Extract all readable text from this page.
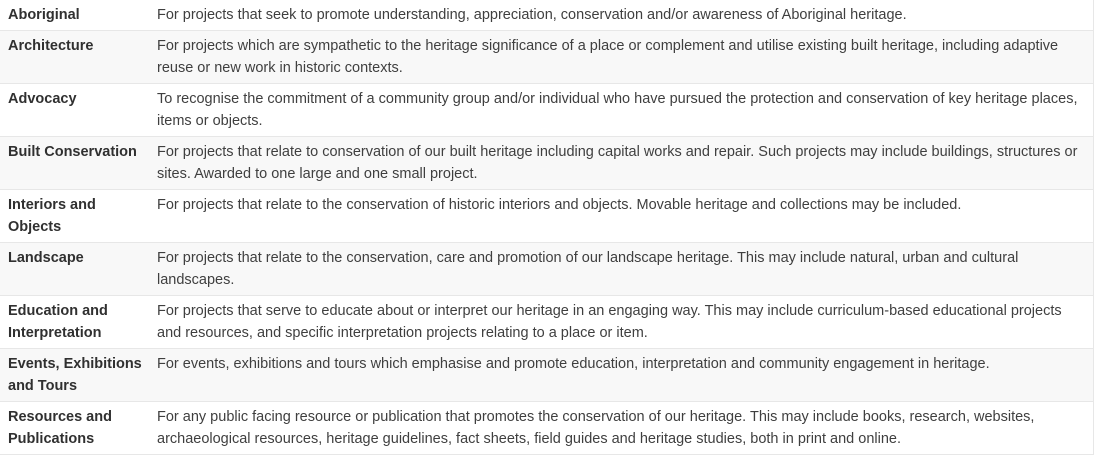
Aboriginal	For projects that seek to promote understanding, appreciation, conservation and/or awareness of Aboriginal heritage.
Architecture	For projects which are sympathetic to the heritage significance of a place or complement and utilise existing built heritage, including adaptive reuse or new work in historic contexts.
Advocacy	To recognise the commitment of a community group and/or individual who have pursued the protection and conservation of key heritage places, items or objects.
Built Conservation	For projects that relate to conservation of our built heritage including capital works and repair. Such projects may include buildings, structures or sites. Awarded to one large and one small project.
Interiors and Objects	For projects that relate to the conservation of historic interiors and objects. Movable heritage and collections may be included.
Landscape	For projects that relate to the conservation, care and promotion of our landscape heritage. This may include natural, urban and cultural landscapes.
Education and Interpretation	For projects that serve to educate about or interpret our heritage in an engaging way. This may include curriculum-based educational projects and resources, and specific interpretation projects relating to a place or item.
Events, Exhibitions and Tours	For events, exhibitions and tours which emphasise and promote education, interpretation and community engagement in heritage.
Resources and Publications	For any public facing resource or publication that promotes the conservation of our heritage. This may include books, research, websites, archaeological resources, heritage guidelines, fact sheets, field guides and heritage studies, both in print and online.
